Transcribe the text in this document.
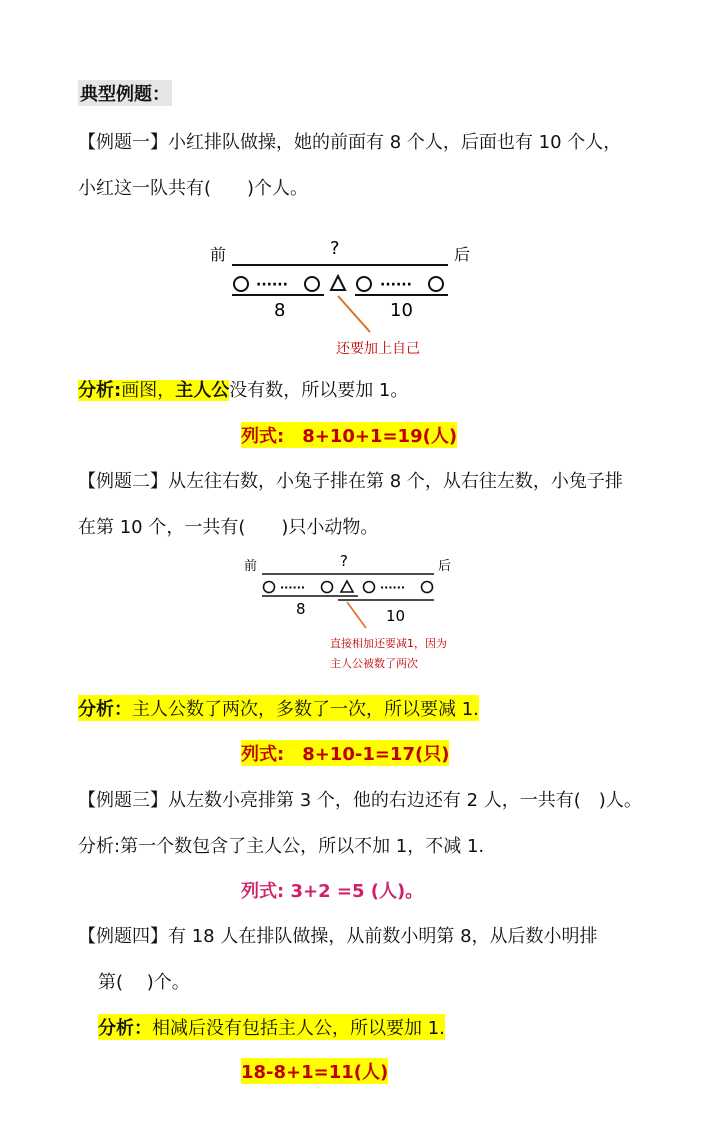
典型例题：
【例题一】小红排队做操，她的前面有 8 个人，后面也有 10 个人，
小红这一队共有(　　)个人。
前	?	后
······	······
8	10
还要加上自己
分析:画图，主人公没有数，所以要加 1。
列式:　8+10+1=19(人)
【例题二】从左往右数，小兔子排在第 8 个，从右往左数，小兔子排
在第 10 个，一共有(　　)只小动物。
前	?	后
······	······
8	10
直接相加还要减1，因为
主人公被数了两次
分析：主人公数了两次，多数了一次，所以要减 1.
列式:　8+10-1=17(只)
【例题三】从左数小亮排第 3 个，他的右边还有 2 人，一共有(　)人。
分析:第一个数包含了主人公，所以不加 1，不减 1.
列式: 3+2 =5 (人)。
【例题四】有 18 人在排队做操，从前数小明第 8，从后数小明排
第(　 )个。
分析：相减后没有包括主人公，所以要加 1.
18-8+1=11(人)
